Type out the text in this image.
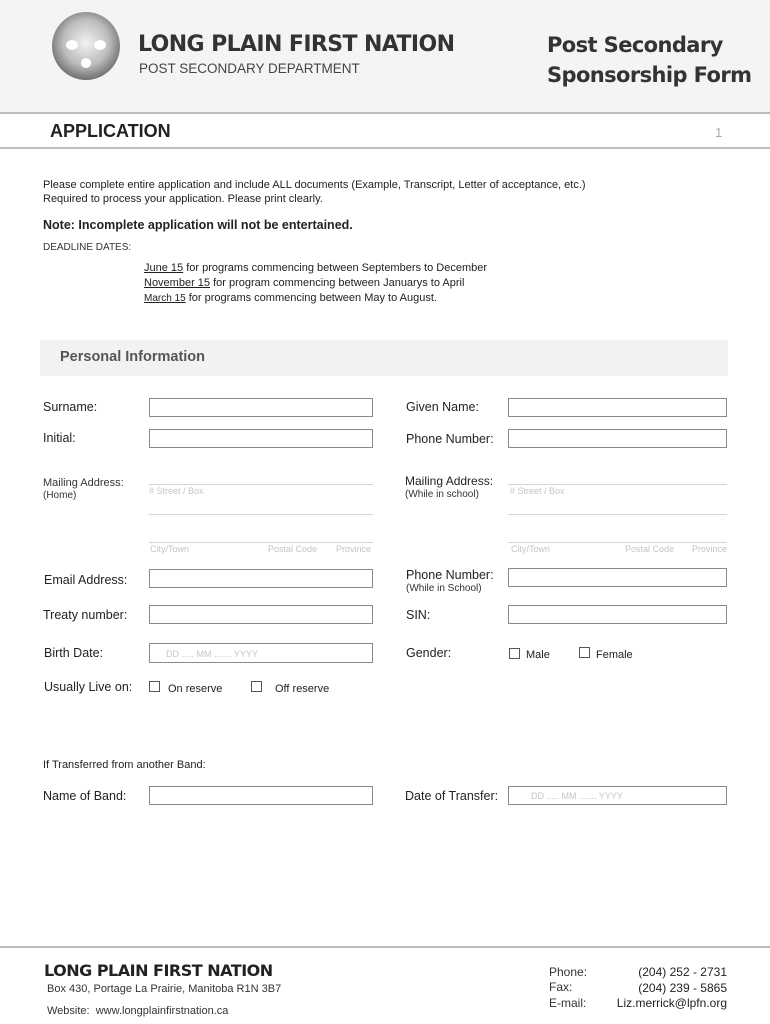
LONG PLAIN FIRST NATION
POST SECONDARY DEPARTMENT
Post Secondary
Sponsorship Form
APPLICATION	1
Please complete entire application and include ALL documents (Example, Transcript, Letter of acceptance, etc.)
Required to process your application. Please print clearly.
Note: Incomplete application will not be entertained.
DEADLINE DATES:
June 15 for programs commencing between Septembers to December
November 15 for program commencing between Januarys to April
March 15 for programs commencing between May to August.
Personal Information
Surname:	Given Name:
Initial:	Phone Number:
Mailing Address:
(Home)	# Street / Box
City/Town	Postal Code Province
Mailing Address:
(While in school)	# Street / Box
City/Town	Postal Code Province
Email Address:	Phone Number:
(While in School)
Treaty number:	SIN:
Birth Date:	DD ..... MM ....... YYYY	Gender:	Male	Female
Usually Live on:	On reserve	Off reserve
If Transferred from another Band:
Name of Band:	Date of Transfer:	DD ..... MM ....... YYYY
LONG PLAIN FIRST NATION
Box 430, Portage La Prairie, Manitoba R1N 3B7
Website: www.longplainfirstnation.ca
Phone:	(204) 252 - 2731
Fax:	(204) 239 - 5865
E-mail:	Liz.merrick@lpfn.org
